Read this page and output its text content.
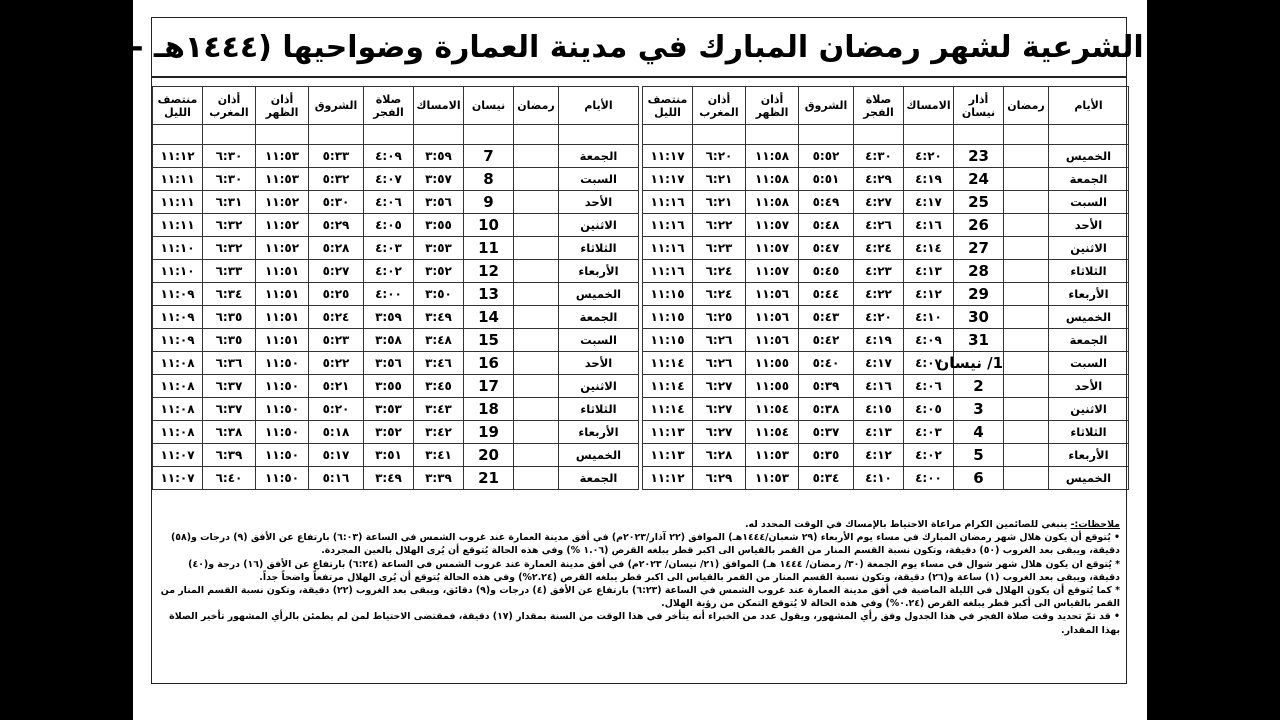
الأوقات الشرعية لشهر رمضان المبارك في مدينة العمارة وضواحيها (١٤٤٤هـ - ٢٠٢٣م)
الأيام	رمضان	أذار نيسان	الامساك	صلاة الفجر	الشروق	أذان الظهر	أذان المغرب	منتصف الليل

الخميس		23	٤:٢٠	٤:٣٠	٥:٥٢	١١:٥٨	٦:٢٠	١١:١٧
الجمعة		24	٤:١٩	٤:٢٩	٥:٥١	١١:٥٨	٦:٢١	١١:١٧
السبت		25	٤:١٧	٤:٢٧	٥:٤٩	١١:٥٨	٦:٢١	١١:١٦
الأحد		26	٤:١٦	٤:٢٦	٥:٤٨	١١:٥٧	٦:٢٢	١١:١٦
الاثنين		27	٤:١٤	٤:٢٤	٥:٤٧	١١:٥٧	٦:٢٣	١١:١٦
الثلاثاء		28	٤:١٣	٤:٢٣	٥:٤٥	١١:٥٧	٦:٢٤	١١:١٦
الأربعاء		29	٤:١٢	٤:٢٢	٥:٤٤	١١:٥٦	٦:٢٤	١١:١٥
الخميس		30	٤:١٠	٤:٢٠	٥:٤٣	١١:٥٦	٦:٢٥	١١:١٥
الجمعة		31	٤:٠٩	٤:١٩	٥:٤٢	١١:٥٦	٦:٢٦	١١:١٥
السبت		1/ نيسان	٤:٠٧	٤:١٧	٥:٤٠	١١:٥٥	٦:٢٦	١١:١٤
الأحد		2	٤:٠٦	٤:١٦	٥:٣٩	١١:٥٥	٦:٢٧	١١:١٤
الاثنين		3	٤:٠٥	٤:١٥	٥:٣٨	١١:٥٤	٦:٢٧	١١:١٤
الثلاثاء		4	٤:٠٣	٤:١٣	٥:٣٧	١١:٥٤	٦:٢٧	١١:١٣
الأربعاء		5	٤:٠٢	٤:١٢	٥:٣٥	١١:٥٣	٦:٢٨	١١:١٣
الخميس		6	٤:٠٠	٤:١٠	٥:٣٤	١١:٥٣	٦:٢٩	١١:١٢
الأيام	رمضان	نيسان	الامساك	صلاة الفجر	الشروق	أذان الظهر	أذان المغرب	منتصف الليل

الجمعة		7	٣:٥٩	٤:٠٩	٥:٣٣	١١:٥٣	٦:٣٠	١١:١٢
السبت		8	٣:٥٧	٤:٠٧	٥:٣٢	١١:٥٣	٦:٣٠	١١:١١
الأحد		9	٣:٥٦	٤:٠٦	٥:٣٠	١١:٥٢	٦:٣١	١١:١١
الاثنين		10	٣:٥٥	٤:٠٥	٥:٢٩	١١:٥٢	٦:٣٢	١١:١١
الثلاثاء		11	٣:٥٣	٤:٠٣	٥:٢٨	١١:٥٢	٦:٣٢	١١:١٠
الأربعاء		12	٣:٥٢	٤:٠٢	٥:٢٧	١١:٥١	٦:٣٣	١١:١٠
الخميس		13	٣:٥٠	٤:٠٠	٥:٢٥	١١:٥١	٦:٣٤	١١:٠٩
الجمعة		14	٣:٤٩	٣:٥٩	٥:٢٤	١١:٥١	٦:٣٥	١١:٠٩
السبت		15	٣:٤٨	٣:٥٨	٥:٢٣	١١:٥١	٦:٣٥	١١:٠٩
الأحد		16	٣:٤٦	٣:٥٦	٥:٢٢	١١:٥٠	٦:٣٦	١١:٠٨
الاثنين		17	٣:٤٥	٣:٥٥	٥:٢١	١١:٥٠	٦:٣٧	١١:٠٨
الثلاثاء		18	٣:٤٣	٣:٥٣	٥:٢٠	١١:٥٠	٦:٣٧	١١:٠٨
الأربعاء		19	٣:٤٢	٣:٥٢	٥:١٨	١١:٥٠	٦:٣٨	١١:٠٨
الخميس		20	٣:٤١	٣:٥١	٥:١٧	١١:٥٠	٦:٣٩	١١:٠٧
الجمعة		21	٣:٣٩	٣:٤٩	٥:١٦	١١:٥٠	٦:٤٠	١١:٠٧

ملاحظات:- ينبغي للصائمين الكرام مراعاة الاحتياط بالإمساك في الوقت المحدد له.

• يُتوقع أن يكون هلال شهر رمضان المبارك في مساء يوم الأربعاء (٢٩ شعبان/١٤٤٤هـ) الموافق (٢٢ آذار/٢٠٢٣م) في أفق مدينة العمارة عند غروب الشمس في الساعة (٦:٠٣) بارتفاع عن الأفق (٩) درجات و(٥٨) دقيقة، ويبقى بعد الغروب (٥٠) دقيقة، وتكون نسبة القسم المنار من القمر بالقياس الى اكبر قطر يبلغه القرص (١.٠٦ %) وفي هذه الحالة يُتوقع أن يُرى الهلال بالعين المجردة.

* يُتوقع ان يكون هلال شهر شوال في مساء يوم الجمعة (٣٠/ رمضان/ ١٤٤٤ هـ) الموافق (٢١/ نيسان/ ٢٠٢٣م) في أفق مدينة العمارة عند غروب الشمس في الساعة (٦:٢٤) بارتفاع عن الأفق (١٦) درجة و(٤٠) دقيقة، ويبقى بعد الغروب (١) ساعة و(٢٦) دقيقة، وتكون نسبة القسم المنار من القمر بالقياس الى اكبر قطر يبلغه القرص (٢.٢٤%) وفي هذه الحالة يُتوقع أن يُرى الهلال مرتفعاً واضحاً جداً.

* كما يُتوقع أن يكون الهلال في الليلة الماضية في أفق مدينة العمارة عند غروب الشمس في الساعة (٦:٢٣) بارتفاع عن الأفق (٤) درجات و(٩) دقائق، ويبقى بعد الغروب (٢٢) دقيقة، وتكون نسبة القسم المنار من القمر بالقياس الى أكبر قطر يبلغه القرص (٠.٢٤%) وفي هذه الحالة لا يُتوقع التمكن من رؤية الهلال.

• قد تمّ تحديد وقت صلاة الفجر في هذا الجدول وفق رأي المشهور، ويقول عدد من الخبراء أنه يتأخر في هذا الوقت من السنة بمقدار (١٧) دقيقة، فمقتضى الاحتياط لمن لم يطمئن بالرأي المشهور تأخير الصلاة بهذا المقدار.
